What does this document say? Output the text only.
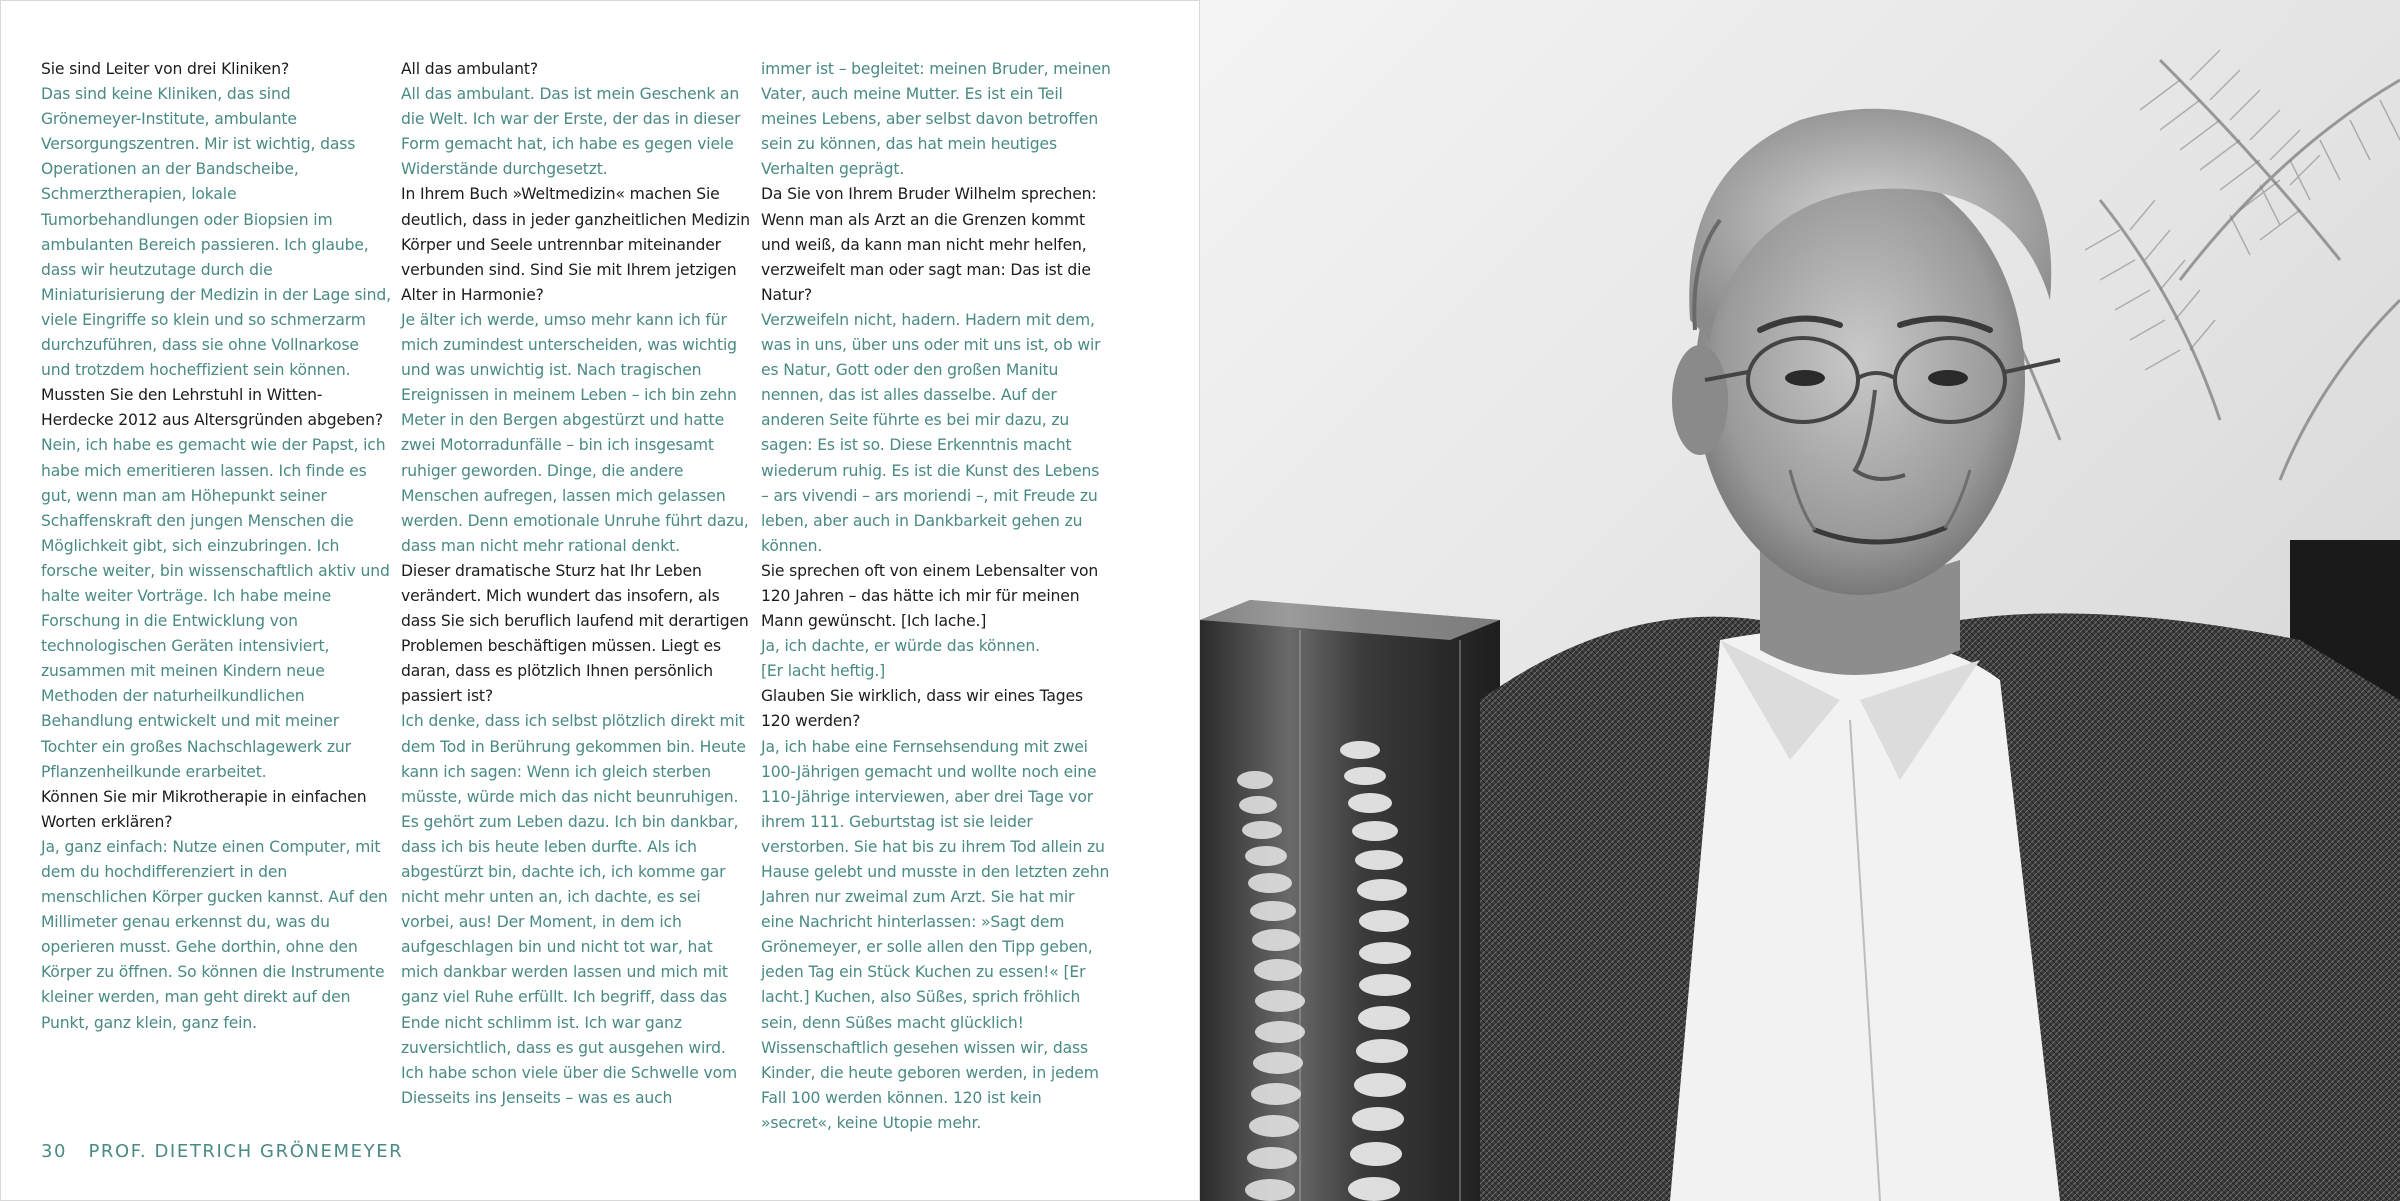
Sie sind Leiter von drei Kliniken?
Das sind keine Kliniken, das sind Grönemeyer-Institute, ambulante Versorgungszentren. Mir ist wichtig, dass Operationen an der Bandscheibe, Schmerztherapien, lokale Tumorbehandlungen oder Biopsien im ambulanten Bereich passieren. Ich glaube, dass wir heutzutage durch die Miniaturisierung der Medizin in der Lage sind, viele Eingriffe so klein und so schmerzarm durchzuführen, dass sie ohne Vollnarkose und trotzdem hocheffizient sein können.
Mussten Sie den Lehrstuhl in Witten-Herdecke 2012 aus Altersgründen abgeben?
Nein, ich habe es gemacht wie der Papst, ich habe mich emeritieren lassen. Ich finde es gut, wenn man am Höhepunkt seiner Schaffenskraft den jungen Menschen die Möglichkeit gibt, sich einzubringen. Ich forsche weiter, bin wissenschaftlich aktiv und halte weiter Vorträge. Ich habe meine Forschung in die Entwicklung von technologischen Geräten intensiviert, zusammen mit meinen Kindern neue Methoden der naturheilkundlichen Behandlung entwickelt und mit meiner Tochter ein großes Nachschlagewerk zur Pflanzenheilkunde erarbeitet.
Können Sie mir Mikrotherapie in einfachen Worten erklären?
Ja, ganz einfach: Nutze einen Computer, mit dem du hochdifferenziert in den menschlichen Körper gucken kannst. Auf den Millimeter genau erkennst du, was du operieren musst. Gehe dorthin, ohne den Körper zu öffnen. So können die Instrumente kleiner werden, man geht direkt auf den Punkt, ganz klein, ganz fein.
All das ambulant?
All das ambulant. Das ist mein Geschenk an die Welt. Ich war der Erste, der das in dieser Form gemacht hat, ich habe es gegen viele Widerstände durchgesetzt.
In Ihrem Buch »Weltmedizin« machen Sie deutlich, dass in jeder ganzheitlichen Medizin Körper und Seele untrennbar miteinander verbunden sind. Sind Sie mit Ihrem jetzigen Alter in Harmonie?
Je älter ich werde, umso mehr kann ich für mich zumindest unterscheiden, was wichtig und was unwichtig ist. Nach tragischen Ereignissen in meinem Leben – ich bin zehn Meter in den Bergen abgestürzt und hatte zwei Motorradunfälle – bin ich insgesamt ruhiger geworden. Dinge, die andere Menschen aufregen, lassen mich gelassen werden. Denn emotionale Unruhe führt dazu, dass man nicht mehr rational denkt.
Dieser dramatische Sturz hat Ihr Leben verändert. Mich wundert das insofern, als dass Sie sich beruflich laufend mit derartigen Problemen beschäftigen müssen. Liegt es daran, dass es plötzlich Ihnen persönlich passiert ist?
Ich denke, dass ich selbst plötzlich direkt mit dem Tod in Berührung gekommen bin. Heute kann ich sagen: Wenn ich gleich sterben müsste, würde mich das nicht beunruhigen. Es gehört zum Leben dazu. Ich bin dankbar, dass ich bis heute leben durfte. Als ich abgestürzt bin, dachte ich, ich komme gar nicht mehr unten an, ich dachte, es sei vorbei, aus! Der Moment, in dem ich aufgeschlagen bin und nicht tot war, hat mich dankbar werden lassen und mich mit ganz viel Ruhe erfüllt. Ich begriff, dass das Ende nicht schlimm ist. Ich war ganz zuversichtlich, dass es gut ausgehen wird. Ich habe schon viele über die Schwelle vom Diesseits ins Jenseits – was es auch
immer ist – begleitet: meinen Bruder, meinen Vater, auch meine Mutter. Es ist ein Teil meines Lebens, aber selbst davon betroffen sein zu können, das hat mein heutiges Verhalten geprägt.
Da Sie von Ihrem Bruder Wilhelm sprechen: Wenn man als Arzt an die Grenzen kommt und weiß, da kann man nicht mehr helfen, verzweifelt man oder sagt man: Das ist die Natur?
Verzweifeln nicht, hadern. Hadern mit dem, was in uns, über uns oder mit uns ist, ob wir es Natur, Gott oder den großen Manitu nennen, das ist alles dasselbe. Auf der anderen Seite führte es bei mir dazu, zu sagen: Es ist so. Diese Erkenntnis macht wiederum ruhig. Es ist die Kunst des Lebens – ars vivendi – ars moriendi –, mit Freude zu leben, aber auch in Dankbarkeit gehen zu können.
Sie sprechen oft von einem Lebensalter von 120 Jahren – das hätte ich mir für meinen Mann gewünscht. [Ich lache.]
Ja, ich dachte, er würde das können.
[Er lacht heftig.]
Glauben Sie wirklich, dass wir eines Tages 120 werden?
Ja, ich habe eine Fernsehsendung mit zwei 100-Jährigen gemacht und wollte noch eine 110-Jährige interviewen, aber drei Tage vor ihrem 111. Geburtstag ist sie leider verstorben. Sie hat bis zu ihrem Tod allein zu Hause gelebt und musste in den letzten zehn Jahren nur zweimal zum Arzt. Sie hat mir eine Nachricht hinterlassen: »Sagt dem Grönemeyer, er solle allen den Tipp geben, jeden Tag ein Stück Kuchen zu essen!« [Er lacht.] Kuchen, also Süßes, sprich fröhlich sein, denn Süßes macht glücklich! Wissenschaftlich gesehen wissen wir, dass Kinder, die heute geboren werden, in jedem Fall 100 werden können. 120 ist kein »secret«, keine Utopie mehr.
30 PROF. DIETRICH GRÖNEMEYER
